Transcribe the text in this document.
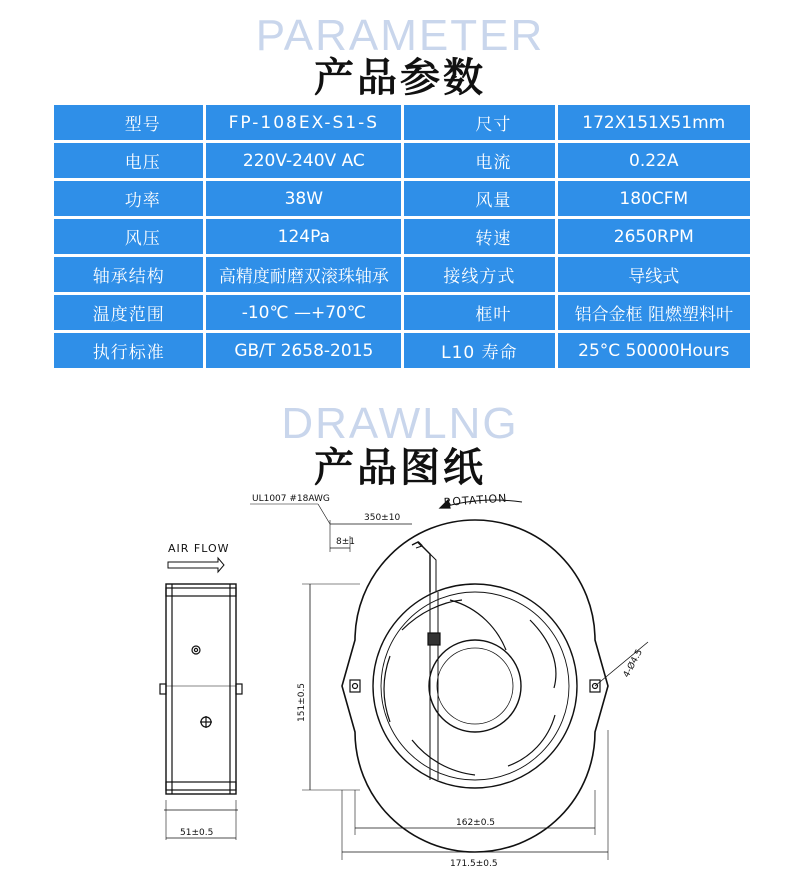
PARAMETER
产品参数
型号	FP-108EX-S1-S	尺寸	172X151X51mm
电压	220V-240V AC	电流	0.22A
功率	38W	风量	180CFM
风压	124Pa	转速	2650RPM
轴承结构	高精度耐磨双滚珠轴承	接线方式	导线式
温度范围	-10℃ —+70℃	框叶	铝合金框 阻燃塑料叶
执行标准	GB/T 2658-2015	L10 寿命	25°C 50000Hours
DRAWLNG
产品图纸
UL1007 #18AWG	ROTATION
AIR FLOW
350±10
8±1
151±0.5
51±0.5
162±0.5
171.5±0.5
4-Ø4.5
